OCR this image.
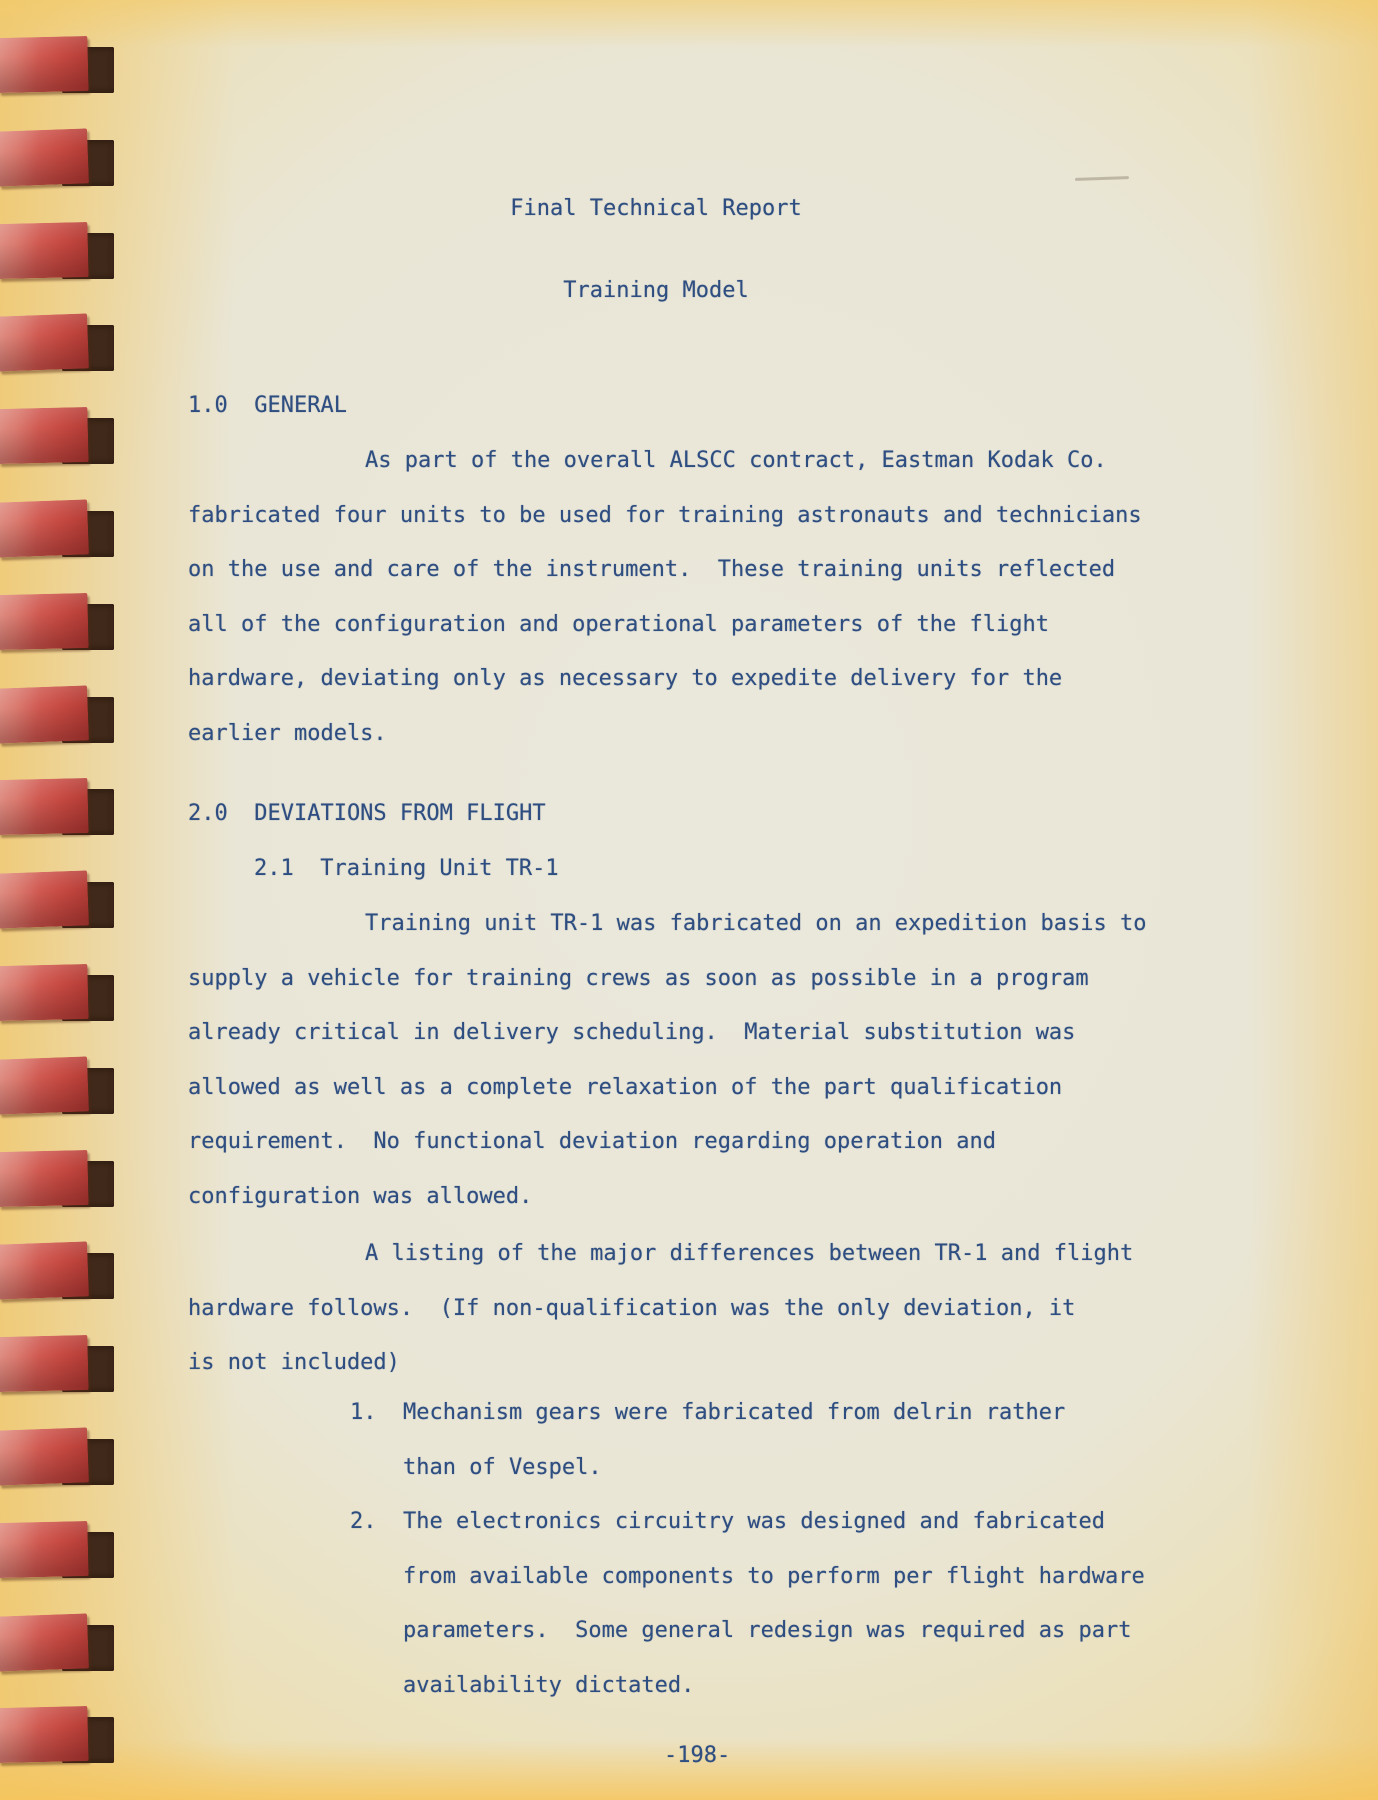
Final Technical Report
Training Model
1.0  GENERAL
As part of the overall ALSCC contract, Eastman Kodak Co.
fabricated four units to be used for training astronauts and technicians
on the use and care of the instrument.  These training units reflected
all of the configuration and operational parameters of the flight
hardware, deviating only as necessary to expedite delivery for the
earlier models.
2.0  DEVIATIONS FROM FLIGHT
2.1  Training Unit TR-1
Training unit TR-1 was fabricated on an expedition basis to
supply a vehicle for training crews as soon as possible in a program
already critical in delivery scheduling.  Material substitution was
allowed as well as a complete relaxation of the part qualification
requirement.  No functional deviation regarding operation and
configuration was allowed.
A listing of the major differences between TR-1 and flight
hardware follows.  (If non-qualification was the only deviation, it
is not included)
1.  Mechanism gears were fabricated from delrin rather
than of Vespel.
2.  The electronics circuitry was designed and fabricated
from available components to perform per flight hardware
parameters.  Some general redesign was required as part
availability dictated.
-198-
